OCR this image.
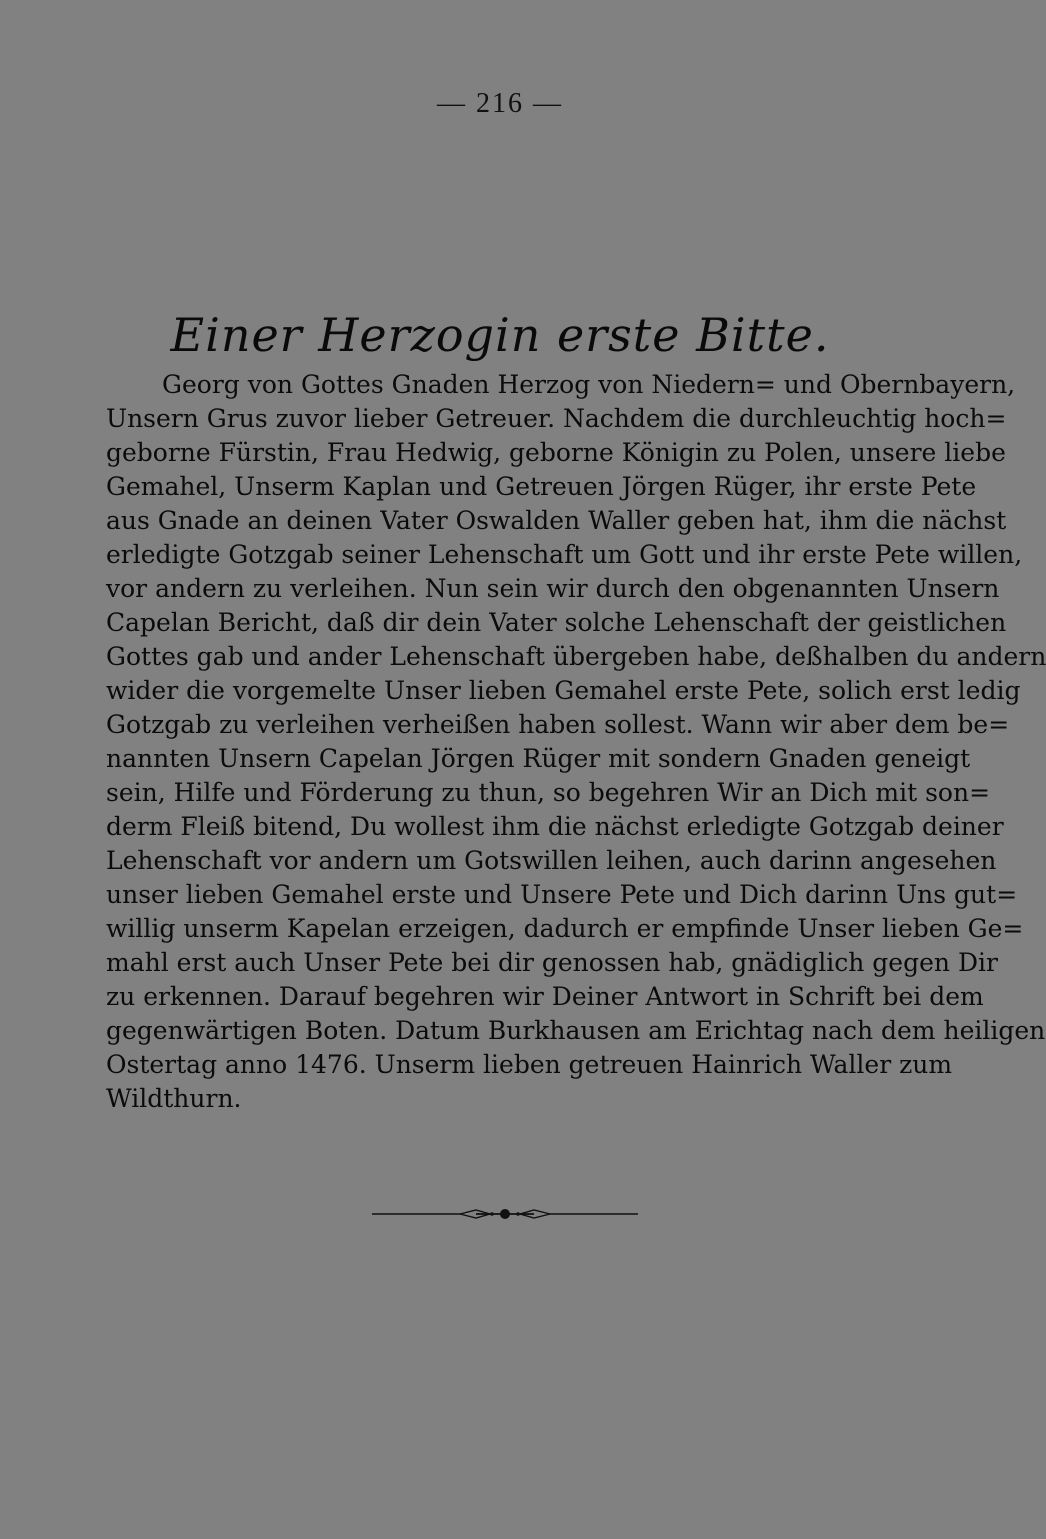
— 216 —
Einer Herzogin erste Bitte.
Georg von Gottes Gnaden Herzog von Niedern= und Obernbayern,
Unsern Grus zuvor lieber Getreuer. Nachdem die durchleuchtig hoch=
geborne Fürstin, Frau Hedwig, geborne Königin zu Polen, unsere liebe
Gemahel, Unserm Kaplan und Getreuen Jörgen Rüger, ihr erste Pete
aus Gnade an deinen Vater Oswalden Waller geben hat, ihm die nächst
erledigte Gotzgab seiner Lehenschaft um Gott und ihr erste Pete willen,
vor andern zu verleihen. Nun sein wir durch den obgenannten Unsern
Capelan Bericht, daß dir dein Vater solche Lehenschaft der geistlichen
Gottes gab und ander Lehenschaft übergeben habe, deßhalben du andern
wider die vorgemelte Unser lieben Gemahel erste Pete, solich erst ledig
Gotzgab zu verleihen verheißen haben sollest. Wann wir aber dem be=
nannten Unsern Capelan Jörgen Rüger mit sondern Gnaden geneigt
sein, Hilfe und Förderung zu thun, so begehren Wir an Dich mit son=
derm Fleiß bitend, Du wollest ihm die nächst erledigte Gotzgab deiner
Lehenschaft vor andern um Gotswillen leihen, auch darinn angesehen
unser lieben Gemahel erste und Unsere Pete und Dich darinn Uns gut=
willig unserm Kapelan erzeigen, dadurch er empfinde Unser lieben Ge=
mahl erst auch Unser Pete bei dir genossen hab, gnädiglich gegen Dir
zu erkennen. Darauf begehren wir Deiner Antwort in Schrift bei dem
gegenwärtigen Boten. Datum Burkhausen am Erichtag nach dem heiligen
Ostertag anno 1476. Unserm lieben getreuen Hainrich Waller zum
Wildthurn.
